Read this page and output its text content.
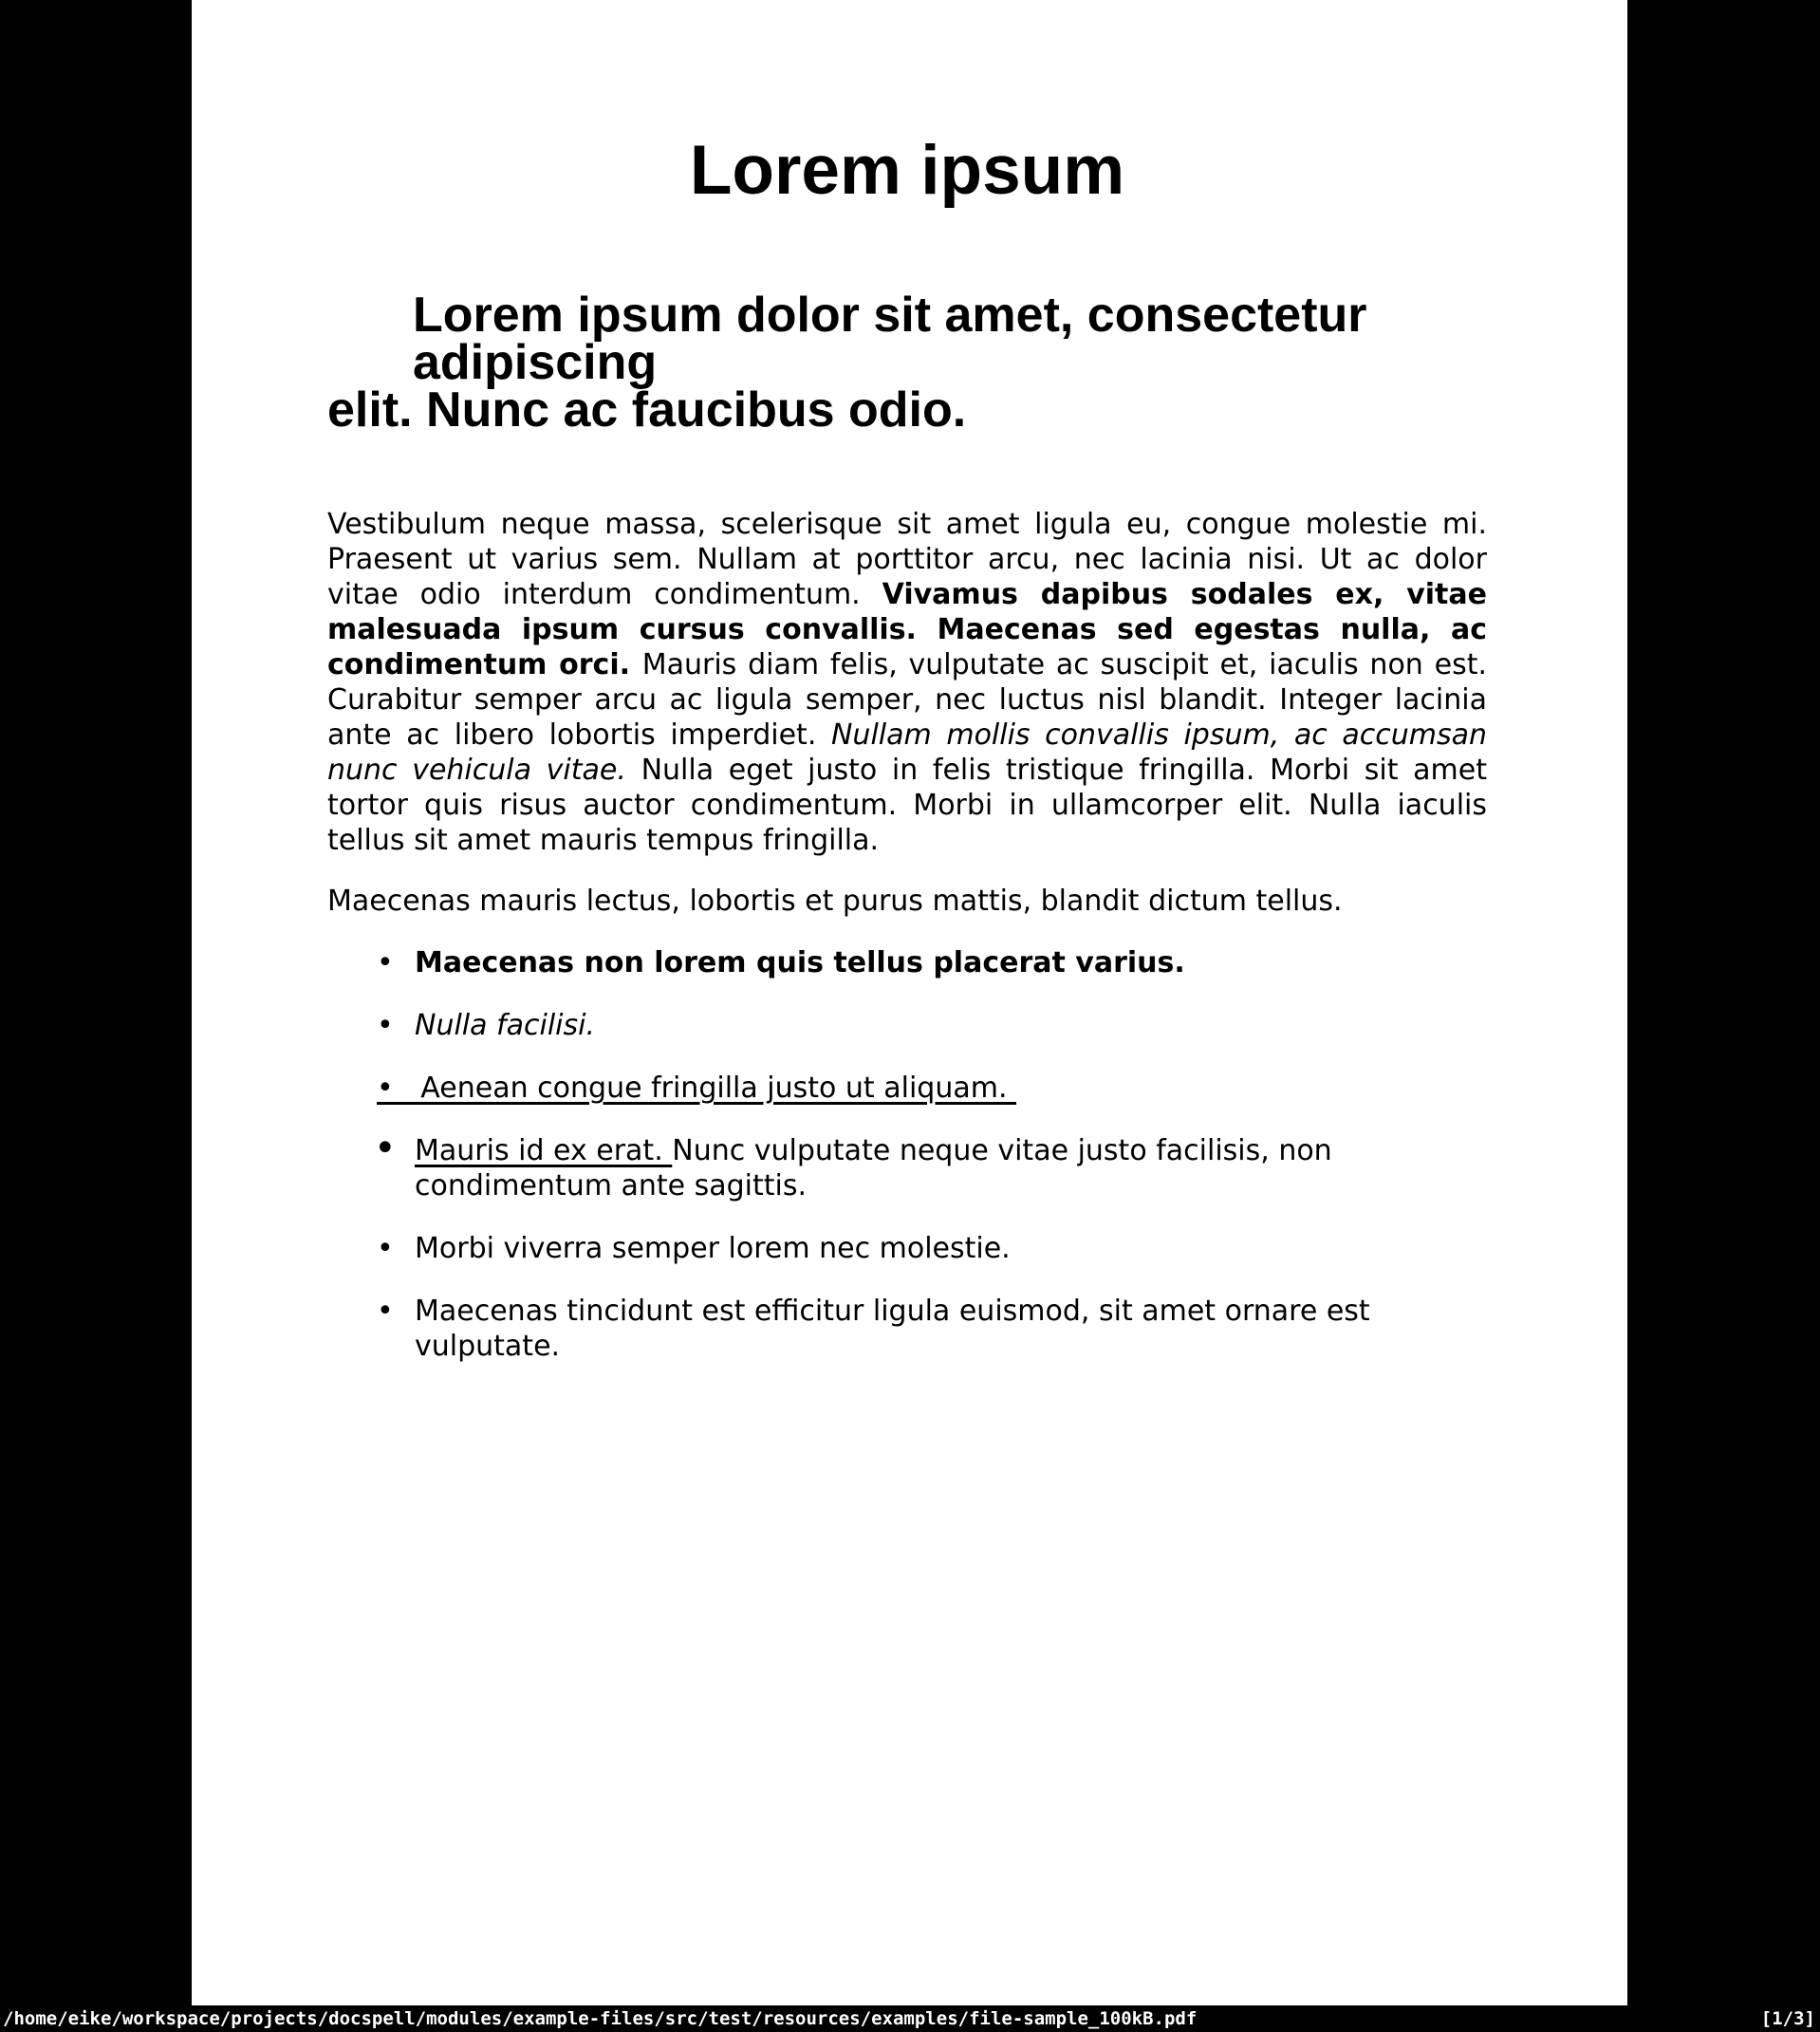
Lorem ipsum
Lorem ipsum dolor sit amet, consectetur adipiscing
elit. Nunc ac faucibus odio.

Vestibulum neque massa, scelerisque sit amet ligula eu, congue molestie mi. Praesent ut varius sem. Nullam at porttitor arcu, nec lacinia nisi. Ut ac dolor vitae odio interdum condimentum. Vivamus dapibus sodales ex, vitae malesuada ipsum cursus convallis. Maecenas sed egestas nulla, ac condimentum orci. Mauris diam felis, vulputate ac suscipit et, iaculis non est. Curabitur semper arcu ac ligula semper, nec luctus nisl blandit. Integer lacinia ante ac libero lobortis imperdiet. Nullam mollis convallis ipsum, ac accumsan nunc vehicula vitae. Nulla eget justo in felis tristique fringilla. Morbi sit amet tortor quis risus auctor condimentum. Morbi in ullamcorper elit. Nulla iaculis tellus sit amet mauris tempus fringilla.

Maecenas mauris lectus, lobortis et purus mattis, blandit dictum tellus.

• Maecenas non lorem quis tellus placerat varius.
• Nulla facilisi.
•   Aenean congue fringilla justo ut aliquam.
• Mauris id ex erat. Nunc vulputate neque vitae justo facilisis, non condimentum ante sagittis.
• Morbi viverra semper lorem nec molestie.
• Maecenas tincidunt est efficitur ligula euismod, sit amet ornare est vulputate.
/home/eike/workspace/projects/docspell/modules/example-files/src/test/resources/examples/file-sample_100kB.pdf	[1/3]
